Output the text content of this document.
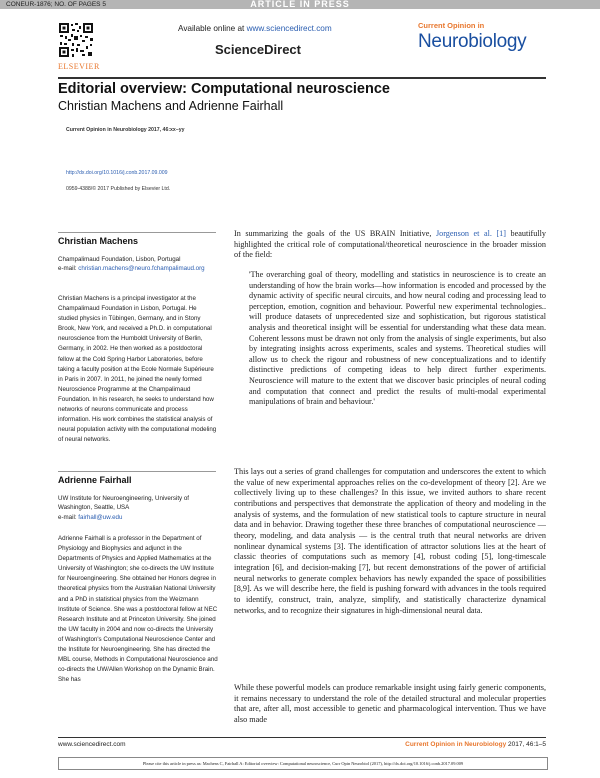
CONEUR-1876; NO. OF PAGES 5	ARTICLE IN PRESS
ELSEVIER
Available online at www.sciencedirect.com
ScienceDirect
Current Opinion in
Neurobiology
Editorial overview: Computational neuroscience
Christian Machens and Adrienne Fairhall
Current Opinion in Neurobiology 2017, 46:xx–yy
http://dx.doi.org/10.1016/j.conb.2017.09.009
0959-4388/© 2017 Published by Elsevier Ltd.
Christian Machens
Champalimaud Foundation, Lisbon, Portugal
e-mail: christian.machens@neuro.fchampalimaud.org
Christian Machens is a principal investigator at the Champalimaud Foundation in Lisbon, Portugal. He studied physics in Tübingen, Germany, and in Stony Brook, New York, and received a Ph.D. in computational neuroscience from the Humboldt University of Berlin, Germany, in 2002. He then worked as a postdoctoral fellow at the Cold Spring Harbor Laboratories, before taking a faculty position at the Ecole Normale Supérieure in Paris in 2007. In 2011, he joined the newly formed Neuroscience Programme at the Champalimaud Foundation. In his research, he seeks to understand how networks of neurons communicate and process information. His work combines the statistical analysis of neural population activity with the computational modeling of neural networks.
Adrienne Fairhall
UW Institute for Neuroengineering, University of Washington, Seattle, USA
e-mail: fairhall@uw.edu
Adrienne Fairhall is a professor in the Department of Physiology and Biophysics and adjunct in the Departments of Physics and Applied Mathematics at the University of Washington; she co-directs the UW Institute for Neuroengineering. She obtained her Honors degree in theoretical physics from the Australian National University and a PhD in statistical physics from the Weizmann Institute of Science. She was a postdoctoral fellow at NEC Research Institute and at Princeton University. She joined the UW faculty in 2004 and now co-directs the University of Washington's Computational Neuroscience Center and the Institute for Neuroengineering. She has directed the MBL course, Methods in Computational Neuroscience and co-directs the UW/Allen Workshop on the Dynamic Brain. She has

In summarizing the goals of the US BRAIN Initiative, Jorgenson et al. [1] beautifully highlighted the critical role of computational/theoretical neuroscience in the broader mission of the field:

'The overarching goal of theory, modelling and statistics in neuroscience is to create an understanding of how the brain works—how information is encoded and processed by the dynamic activity of specific neural circuits, and how neural coding and processing lead to perception, emotion, cognition and behaviour. Powerful new experimental technologies.. will produce datasets of unprecedented size and sophistication, but rigorous statistical analysis and theoretical insight will be essential for understanding what these data mean. Coherent lessons must be drawn not only from the analysis of single experiments, but also by integrating insights across experiments, scales and systems. Theoretical studies will allow us to check the rigour and robustness of new conceptualizations and to identify distinctive predictions of competing ideas to help direct further experiments. Neuroscience will mature to the extent that we discover basic principles of neural coding and computation that connect and predict the results of multi-modal experimental manipulations of brain and behaviour.'
This lays out a series of grand challenges for computation and underscores the extent to which the value of new experimental approaches relies on the co-development of theory [2]. Are we collectively living up to these challenges? In this issue, we invited authors to share recent contributions and perspectives that demonstrate the application of theory and modeling in the analysis of systems, and the formulation of new statistical tools to capture structure in neural data and in behavior. Drawing together these three branches of computational neuroscience — theory, modeling, and data analysis — is the central truth that neural networks are driven nonlinear dynamical systems [3]. The identification of attractor solutions lies at the heart of classic theories of computations such as memory [4], robust coding [5], long-timescale integration [6], and decision-making [7], but recent demonstrations of the power of artificial neural networks to generate complex behaviors has newly expanded the space of possibilities [8,9]. As we will describe here, the field is pushing forward with advances in the tools required to identify, construct, train, analyze, simplify, and statistically characterize dynamical networks, and to recognize their signatures in high-dimensional neural data.
While these powerful models can produce remarkable insight using fairly generic components, it remains necessary to understand the role of the detailed structural and molecular properties that are, after all, most accessible to genetic and pharmacological intervention. Thus we have also made
www.sciencedirect.com	Current Opinion in Neurobiology 2017, 46:1–5
Please cite this article in press as: Machens C, Fairhall A: Editorial overview: Computational neuroscience, Curr Opin Neurobiol (2017), http://dx.doi.org/10.1016/j.conb.2017.09.009
